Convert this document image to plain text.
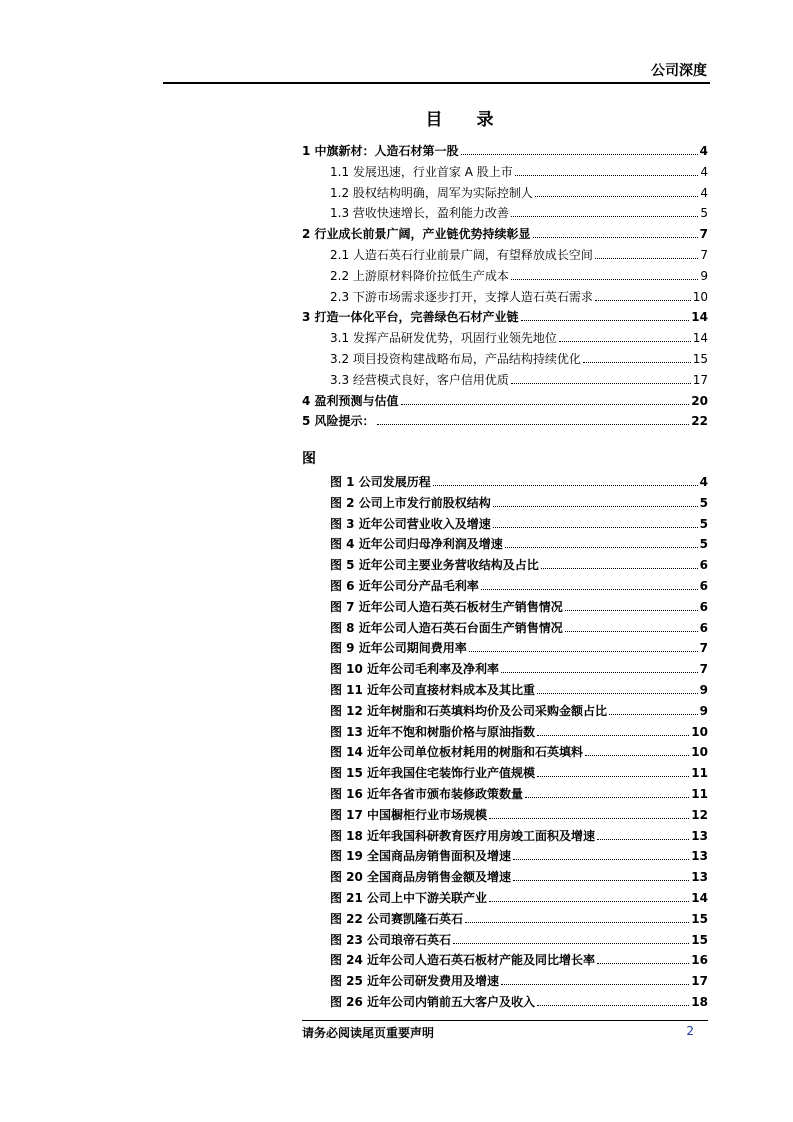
公司深度
目 录
1 中旗新材：人造石材第一股	4
1.1 发展迅速，行业首家 A 股上市	4
1.2 股权结构明确，周军为实际控制人	4
1.3 营收快速增长，盈利能力改善	5
2 行业成长前景广阔，产业链优势持续彰显	7
2.1 人造石英石行业前景广阔，有望释放成长空间	7
2.2 上游原材料降价拉低生产成本	9
2.3 下游市场需求逐步打开，支撑人造石英石需求	10
3 打造一体化平台，完善绿色石材产业链	14
3.1 发挥产品研发优势，巩固行业领先地位	14
3.2 项目投资构建战略布局，产品结构持续优化	15
3.3 经营模式良好，客户信用优质	17
4 盈利预测与估值	20
5 风险提示：	22
图
图 1 公司发展历程	4
图 2 公司上市发行前股权结构	5
图 3 近年公司营业收入及增速	5
图 4 近年公司归母净利润及增速	5
图 5 近年公司主要业务营收结构及占比	6
图 6 近年公司分产品毛利率	6
图 7 近年公司人造石英石板材生产销售情况	6
图 8 近年公司人造石英石台面生产销售情况	6
图 9 近年公司期间费用率	7
图 10 近年公司毛利率及净利率	7
图 11 近年公司直接材料成本及其比重	9
图 12 近年树脂和石英填料均价及公司采购金额占比	9
图 13 近年不饱和树脂价格与原油指数	10
图 14 近年公司单位板材耗用的树脂和石英填料	10
图 15 近年我国住宅装饰行业产值规模	11
图 16 近年各省市颁布装修政策数量	11
图 17 中国橱柜行业市场规模	12
图 18 近年我国科研教育医疗用房竣工面积及增速	13
图 19 全国商品房销售面积及增速	13
图 20 全国商品房销售金额及增速	13
图 21 公司上中下游关联产业	14
图 22 公司赛凯隆石英石	15
图 23 公司琅帝石英石	15
图 24 近年公司人造石英石板材产能及同比增长率	16
图 25 近年公司研发费用及增速	17
图 26 近年公司内销前五大客户及收入	18
请务必阅读尾页重要声明	2
